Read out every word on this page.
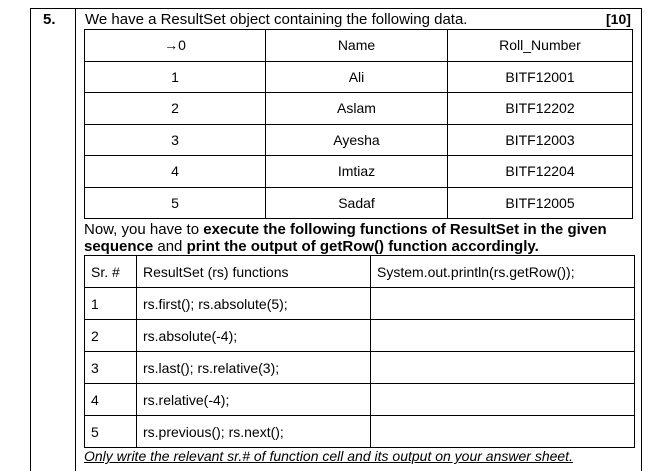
5. We have a ResultSet object containing the following data.	[10]
→0	Name	Roll_Number
1	Ali	BITF12001
2	Aslam	BITF12202
3	Ayesha	BITF12003
4	Imtiaz	BITF12204
5	Sadaf	BITF12005
Now, you have to execute the following functions of ResultSet in the given sequence and print the output of getRow() function accordingly.
Sr. #	ResultSet (rs) functions	System.out.println(rs.getRow());
1	rs.first(); rs.absolute(5);	
2	rs.absolute(-4);	
3	rs.last(); rs.relative(3);	
4	rs.relative(-4);	
5	rs.previous(); rs.next();	
Only write the relevant sr.# of function cell and its output on your answer sheet.
